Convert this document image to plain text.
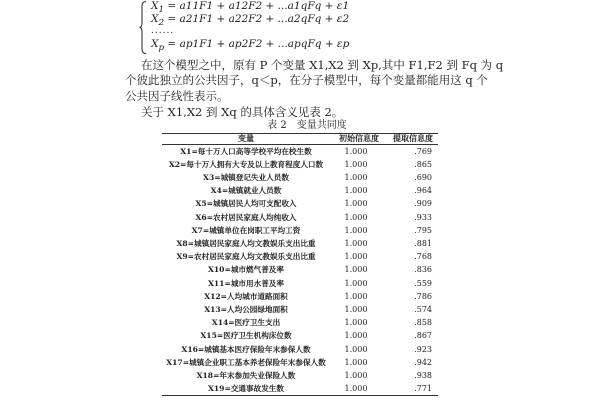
$X_1 = a11F1 + a12F2 + ...a1qFq + \varepsilon 1$
$X_2 = a21F1 + a22F2 + ...a2qFq + \varepsilon 2$
......
$X_p = ap1F1 + ap2F2$ + ...apqFq + εp
在这个模型之中，原有 P 个变量 X1,X2 到 Xp,其中 F1,F2 到 Fq 为 q
个彼此独立的公共因子，q＜p，在分子模型中，每个变量都能用这 q 个
公共因子线性表示。
关于 X1,X2 到 Xq 的具体含义见表 2。
表 2　变量共同度
变量	初始信息度	提取信息度
X1=每十万人口高等学校平均在校生数	1.000	.769
X2=每十万人拥有大专及以上教育程度人口数	1.000	.865
X3=城镇登记失业人员数	1.000	.690
X4=城镇就业人员数	1.000	.964
X5=城镇居民人均可支配收入	1.000	.909
X6=农村居民家庭人均纯收入	1.000	.933
X7=城镇单位在岗职工平均工资	1.000	.795
X8=城镇居民家庭人均文教娱乐支出比重	1.000	.881
X9=农村居民家庭人均文教娱乐支出比重	1.000	.768
X10=城市燃气普及率	1.000	.836
X11=城市用水普及率	1.000	.559
X12=人均城市道路面积	1.000	.786
X13=人均公园绿地面积	1.000	.574
X14=医疗卫生支出	1.000	.858
X15=医疗卫生机构床位数	1.000	.867
X16=城镇基本医疗保险年末参保人数	1.000	.923
X17=城镇企业职工基本养老保险年末参保人数	1.000	.942
X18=年末参加失业保险人数	1.000	.938
X19=交通事故发生数	1.000	.771
